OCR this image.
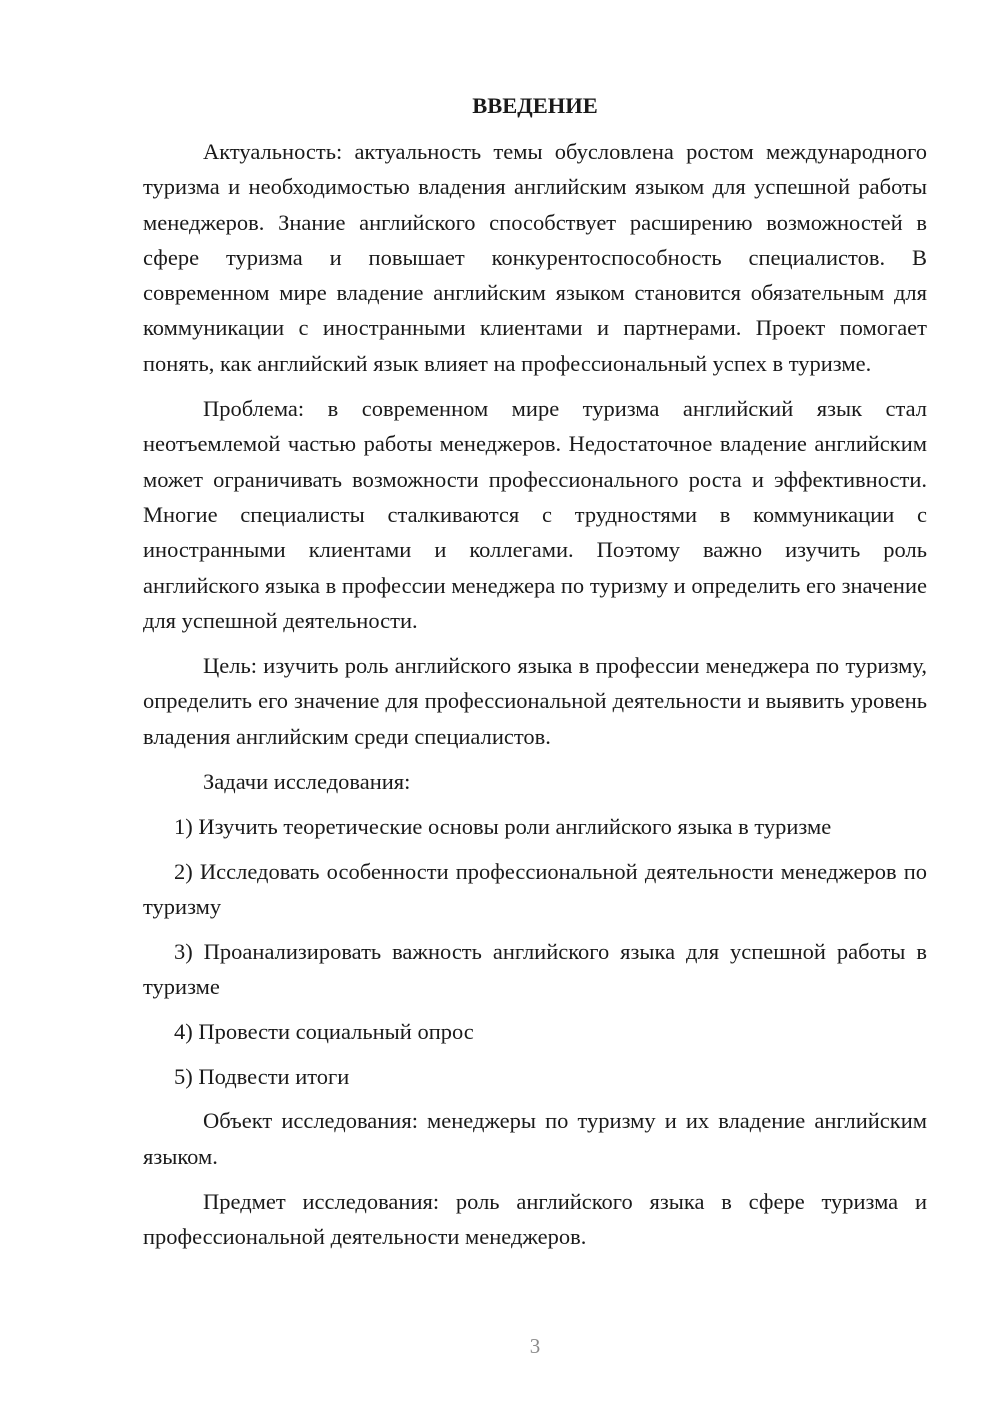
ВВЕДЕНИЕ

Актуальность: актуальность темы обусловлена ростом международного туризма и необходимостью владения английским языком для успешной работы менеджеров. Знание английского способствует расширению возможностей в сфере туризма и повышает конкурентоспособность специалистов. В современном мире владение английским языком становится обязательным для коммуникации с иностранными клиентами и партнерами. Проект помогает понять, как английский язык влияет на профессиональный успех в туризме.

Проблема: в современном мире туризма английский язык стал неотъемлемой частью работы менеджеров. Недостаточное владение английским может ограничивать возможности профессионального роста и эффективности. Многие специалисты сталкиваются с трудностями в коммуникации с иностранными клиентами и коллегами. Поэтому важно изучить роль английского языка в профессии менеджера по туризму и определить его значение для успешной деятельности.

Цель: изучить роль английского языка в профессии менеджера по туризму, определить его значение для профессиональной деятельности и выявить уровень владения английским среди специалистов.

Задачи исследования:

1) Изучить теоретические основы роли английского языка в туризме

2) Исследовать особенности профессиональной деятельности менеджеров по туризму

3) Проанализировать важность английского языка для успешной работы в туризме

4) Провести социальный опрос

5) Подвести итоги

Объект исследования: менеджеры по туризму и их владение английским языком.

Предмет исследования: роль английского языка в сфере туризма и профессиональной деятельности менеджеров.

3
